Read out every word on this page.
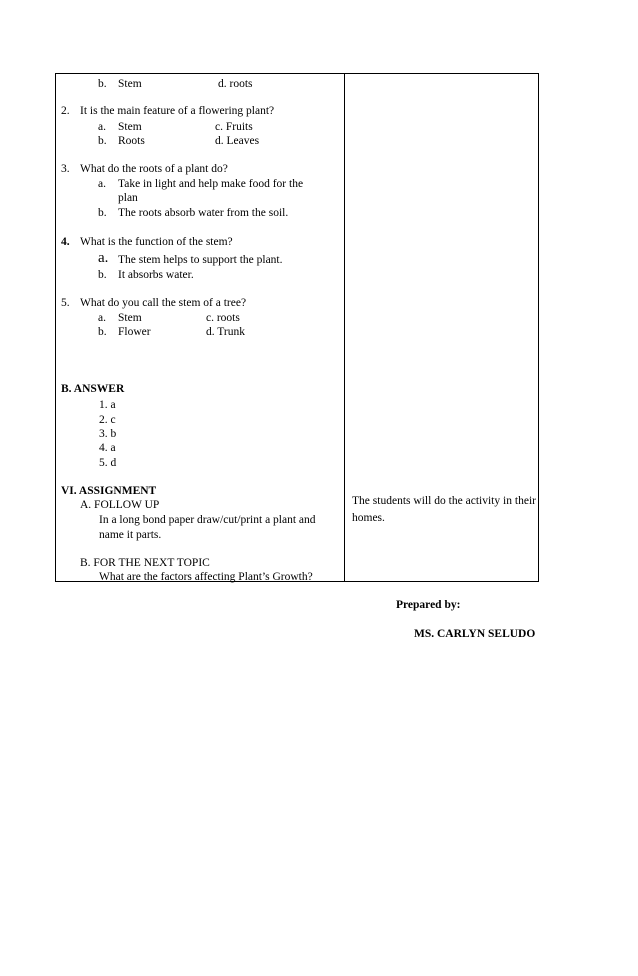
b. Stem	d. roots
2. It is the main feature of a flowering plant?
a. Stem	c. Fruits
b. Roots	d. Leaves
3. What do the roots of a plant do?
a. Take in light and help make food for the
plan
b. The roots absorb water from the soil.
4. What is the function of the stem?
a. The stem helps to support the plant.
b. It absorbs water.
5. What do you call the stem of a tree?
a. Stem	c. roots
b. Flower	d. Trunk
B. ANSWER
1. a
2. c
3. b
4. a
5. d
VI. ASSIGNMENT
A. FOLLOW UP
In a long bond paper draw/cut/print a plant and
name it parts.
B. FOR THE NEXT TOPIC
What are the factors affecting Plant’s Growth?
The students will do the activity in their homes.
Prepared by:
MS. CARLYN SELUDO
